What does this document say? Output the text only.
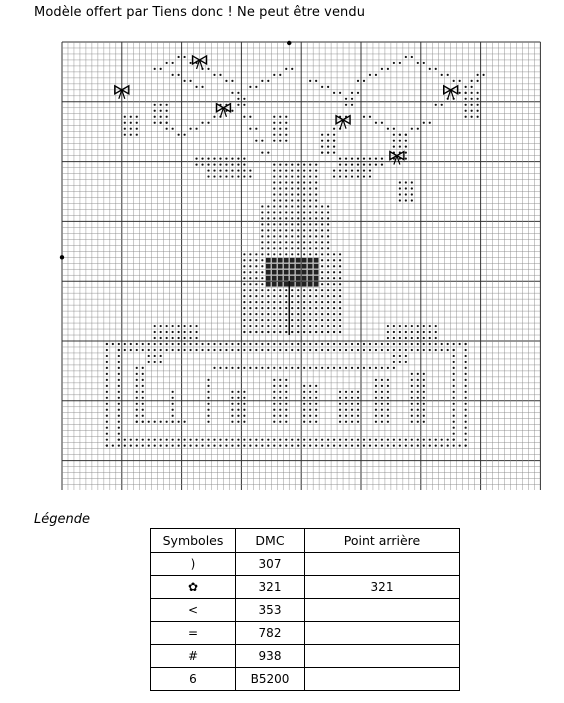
Modèle offert par Tiens donc ! Ne peut être vendu
Légende
Symboles	DMC	Point arrière
)	307	
✿	321	321
<	353	
=	782	
#	938	
6	B5200	
